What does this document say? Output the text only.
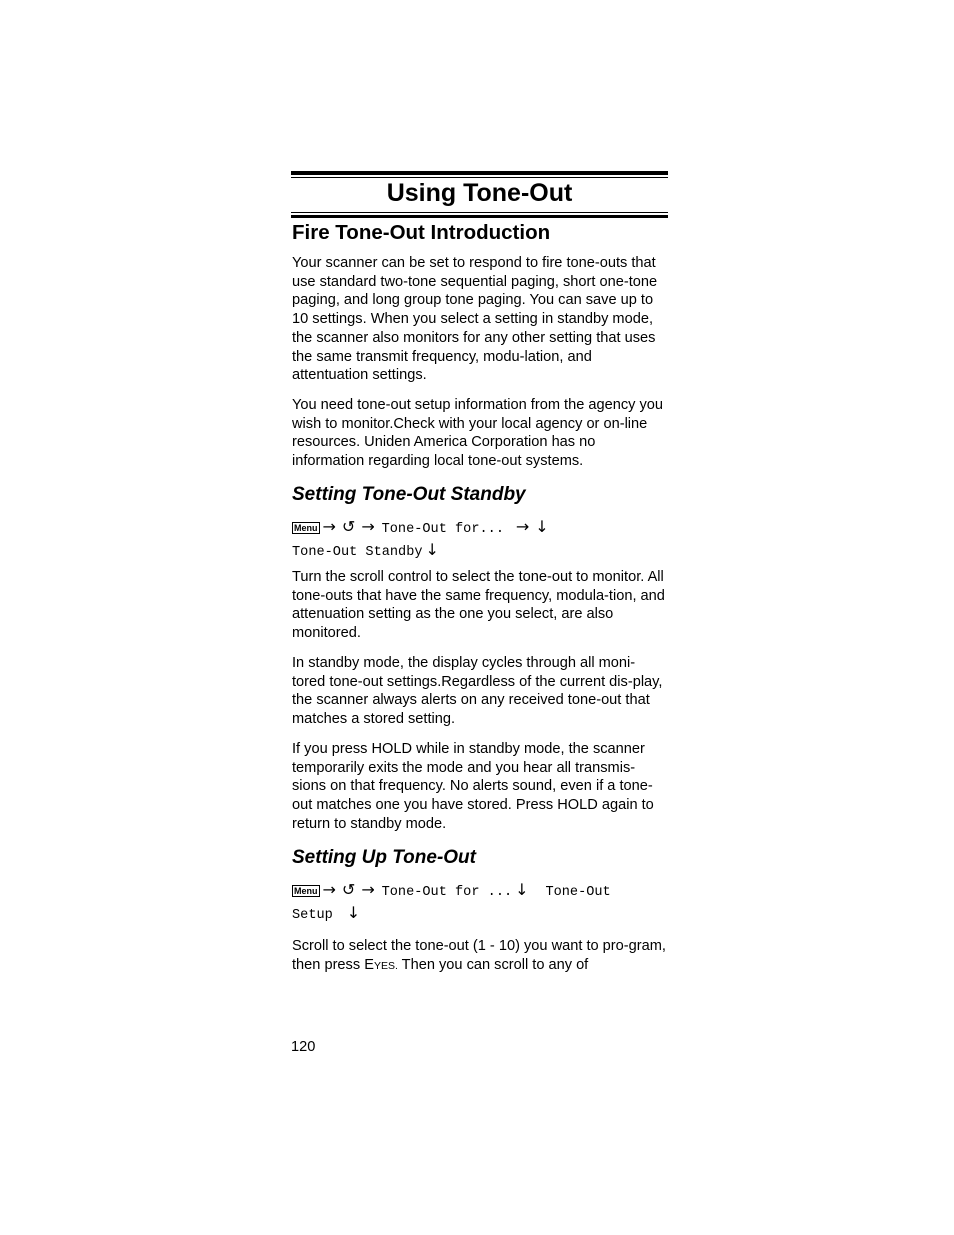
Using Tone-Out
Fire Tone-Out Introduction

Your scanner can be set to respond to fire tone-outs that use standard two-tone sequential paging, short one-tone paging, and long group tone paging. You can save up to 10 settings. When you select a setting in standby mode, the scanner also monitors for any other setting that uses the same transmit frequency, modu-lation, and attentuation settings.

You need tone-out setup information from the agency you wish to monitor.Check with your local agency or on-line resources. Uniden America Corporation has no information regarding local tone-out systems.

Setting Tone-Out Standby
Menu → ↺ → Tone-Out for... → ↓
Tone-Out Standby ↓

Turn the scroll control to select the tone-out to monitor. All tone-outs that have the same frequency, modula-tion, and attenuation setting as the one you select, are also monitored.

In standby mode, the display cycles through all moni-tored tone-out settings.Regardless of the current dis-play, the scanner always alerts on any received tone-out that matches a stored setting.

If you press HOLD while in standby mode, the scanner temporarily exits the mode and you hear all transmis-sions on that frequency. No alerts sound, even if a tone-out matches one you have stored. Press HOLD again to return to standby mode.

Setting Up Tone-Out
Menu → ↺ → Tone-Out for ... ↓ Tone-Out
Setup ↓

Scroll to select the tone-out (1 - 10) you want to pro-gram, then press EYES. Then you can scroll to any of

120
